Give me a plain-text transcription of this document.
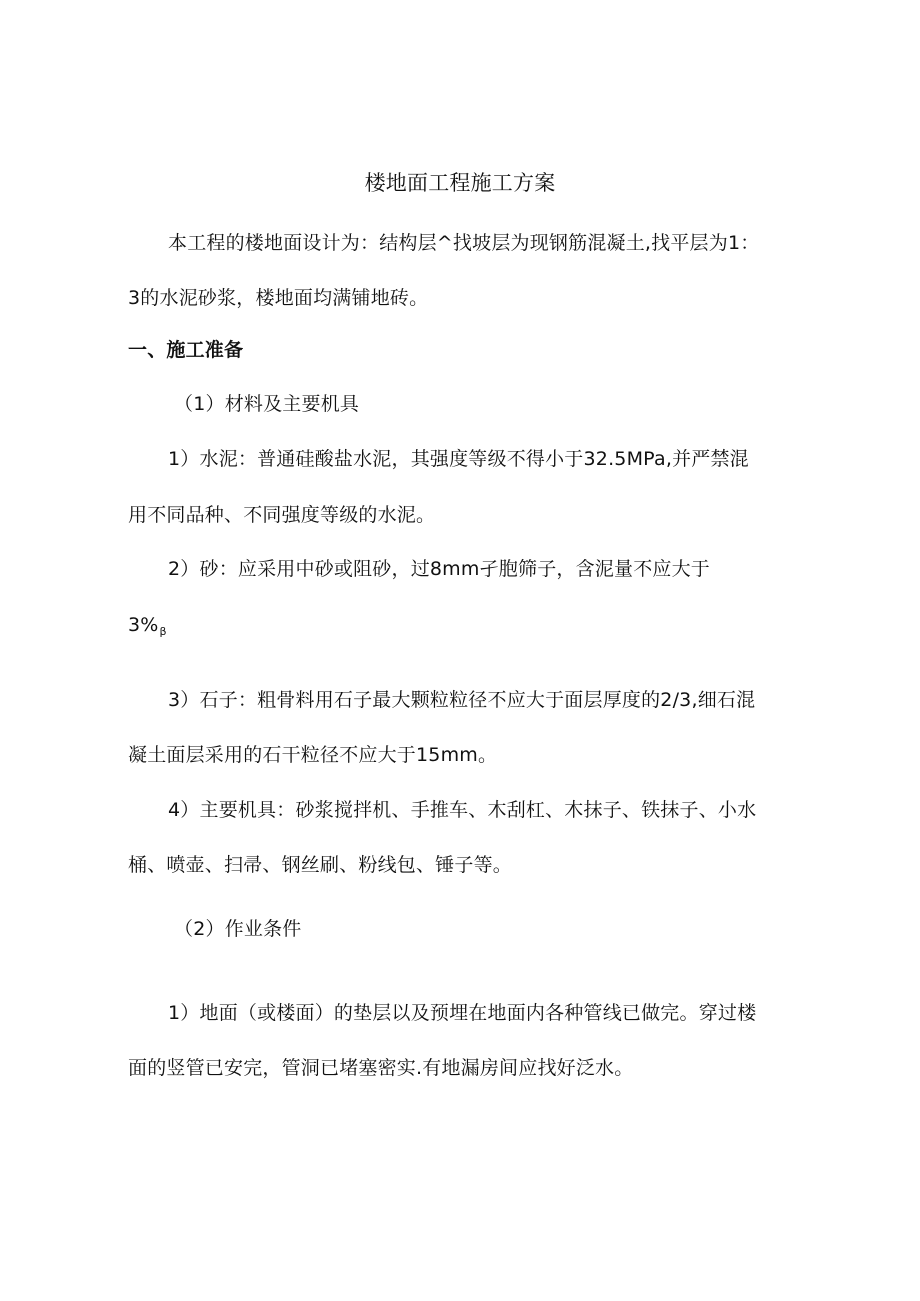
楼地面工程施工方案
本工程的楼地面设计为：结构层^找坡层为现钢筋混凝土,找平层为1：
3的水泥砂浆，楼地面均满铺地砖。
一、施工准备
（1）材料及主要机具
1）水泥：普通硅酸盐水泥，其强度等级不得小于32.5MPa,并严禁混
用不同品种、不同强度等级的水泥。
2）砂：应采用中砂或阻砂，过8mm孑胞筛子，含泥量不应大于
$3\%_\beta$
3）石子：粗骨料用石子最大颗粒粒径不应大于面层厚度的2/3,细石混
凝土面层采用的石干粒径不应大于15mm。
4）主要机具：砂浆搅拌机、手推车、木刮杠、木抹子、铁抹子、小水
桶、喷壶、扫帚、钢丝刷、粉线包、锤子等。
（2）作业条件
1）地面（或楼面）的垫层以及预埋在地面内各种管线已做完。穿过楼
面的竖管已安完，管洞已堵塞密实.有地漏房间应找好泛水。
